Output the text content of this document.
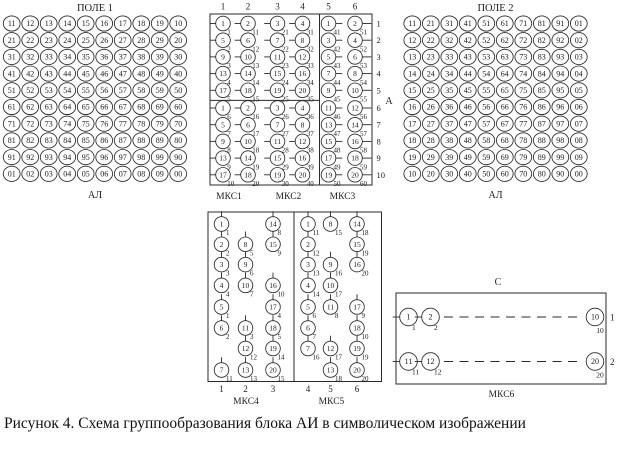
ПОЛЕ 1
11 12 13 14 15 16 17 18 19 10
21 22 23 24 25 26 27 28 29 20
31 32 33 34 35 36 37 38 39 30
41 42 43 44 45 46 47 48 49 40
51 52 53 54 55 56 57 58 59 50
61 62 63 64 65 66 67 68 69 60
71 72 73 74 75 76 77 78 79 70
81 82 83 84 85 86 87 88 89 80
91 92 93 94 95 96 97 98 99 90
01 02 03 04 05 06 07 08 09 00
АЛ
ПОЛЕ 2
11 21 31 41 51 61 71 81 91 01
12 22 32 42 52 62 72 82 92 02
13 23 33 43 53 63 73 83 93 03
14 24 34 44 54 64 74 84 94 04
15 25 35 45 55 65 75 85 95 05
16 26 36 46 56 66 76 86 96 06
17 27 37 47 57 67 77 87 97 07
18 28 38 48 58 68 78 88 98 08
19 29 39 49 59 69 79 89 99 09
10 20 30 40 50 60 70 80 90 00
АЛ
1 2	3 4 5 6
1
1
2
11
3
21
4
31
5
2
6
12
7
22
8
32
9
3
10
13
11
23
12
33
13
4
14
14
15
24
16
34
17
5
18
15
19
25
20
35
1
6
2
16
3
26
4
36
5
7
6
17
7
27
8
37
9
8
10
18
11
28
12
38
13
9
14
19
15
29
16
39
17
10
18
20
19
30
20
40
1
41
2
51
1
3
42
4
52
2
5
43
6
53
3
7
44
8
54
4
9
45
10
55
5
11
46
12
56
6
13
47
14
57
7
15
48
16
58
8
17
49
18
59
9
19
50
20
60
10
МКС1	МКС2	МКС3
А
1
1
14
8
2
2
8
5
15
9
3
3
9
6
4
4
10
7
16
10
5
1
17
4
6
2
11
3
18
5
12
12
19
14
7
11
13
13
20
15
1
11
8
15
14
18
2
12
15
19
3
13
9
16
16
20
4
14
10
17
5
6
11
8
17
9
6
7
18
10
7
16
12
17
19
19
13
18
20
20
1 2	3	4 5 6
МКС4	МКС5
С
1
1
2
2
10
10
1
11
11
12
12
20
20
2
МКС6
Рисунок 4. Схема группообразования блока АИ в символическом изображении
